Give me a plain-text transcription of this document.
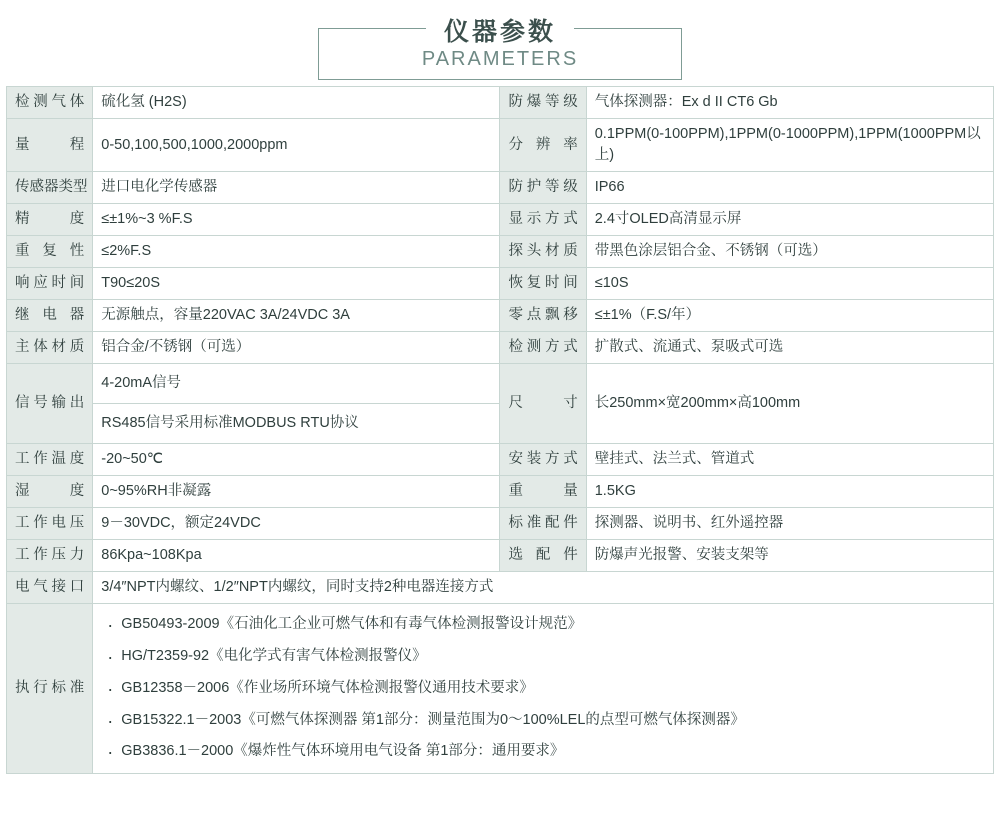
仪器参数
PARAMETERS
检测气体	硫化氢 (H2S)	防爆等级	气体探测器：Ex d II CT6 Gb
量 程	0-50,100,500,1000,2000ppm	分辨率	0.1PPM(0-100PPM),1PPM(0-1000PPM),1PPM(1000PPM以上)
传感器类型	进口电化学传感器	防护等级	IP66
精 度	≤±1%~3 %F.S	显示方式	2.4寸OLED高清显示屏
重 复 性	≤2%F.S	探头材质	带黑色涂层铝合金、不锈钢（可选）
响应时间	T90≤20S	恢复时间	≤10S
继电器	无源触点，容量220VAC 3A/24VDC 3A	零点飘移	≤±1%（F.S/年）
主体材质	铝合金/不锈钢（可选）	检测方式	扩散式、流通式、泵吸式可选
信号输出	4-20mA信号
RS485信号采用标准MODBUS RTU协议	尺 寸	长250mm×宽200mm×高100mm
工作温度	-20~50℃	安装方式	壁挂式、法兰式、管道式
湿 度	0~95%RH非凝露	重 量	1.5KG
工作电压	9－30VDC，额定24VDC	标准配件	探测器、说明书、红外遥控器
工作压力	86Kpa~108Kpa	选 配 件	防爆声光报警、安装支架等
电气接口	3/4″NPT内螺纹、1/2″NPT内螺纹，同时支持2种电器连接方式		
执行标准	
· GB50493-2009《石油化工企业可燃气体和有毒气体检测报警设计规范》
· HG/T2359-92《电化学式有害气体检测报警仪》
· GB12358－2006《作业场所环境气体检测报警仪通用技术要求》
· GB15322.1－2003《可燃气体探测器 第1部分：测量范围为0～100%LEL的点型可燃气体探测器》
· GB3836.1－2000《爆炸性气体环境用电气设备 第1部分：通用要求》
